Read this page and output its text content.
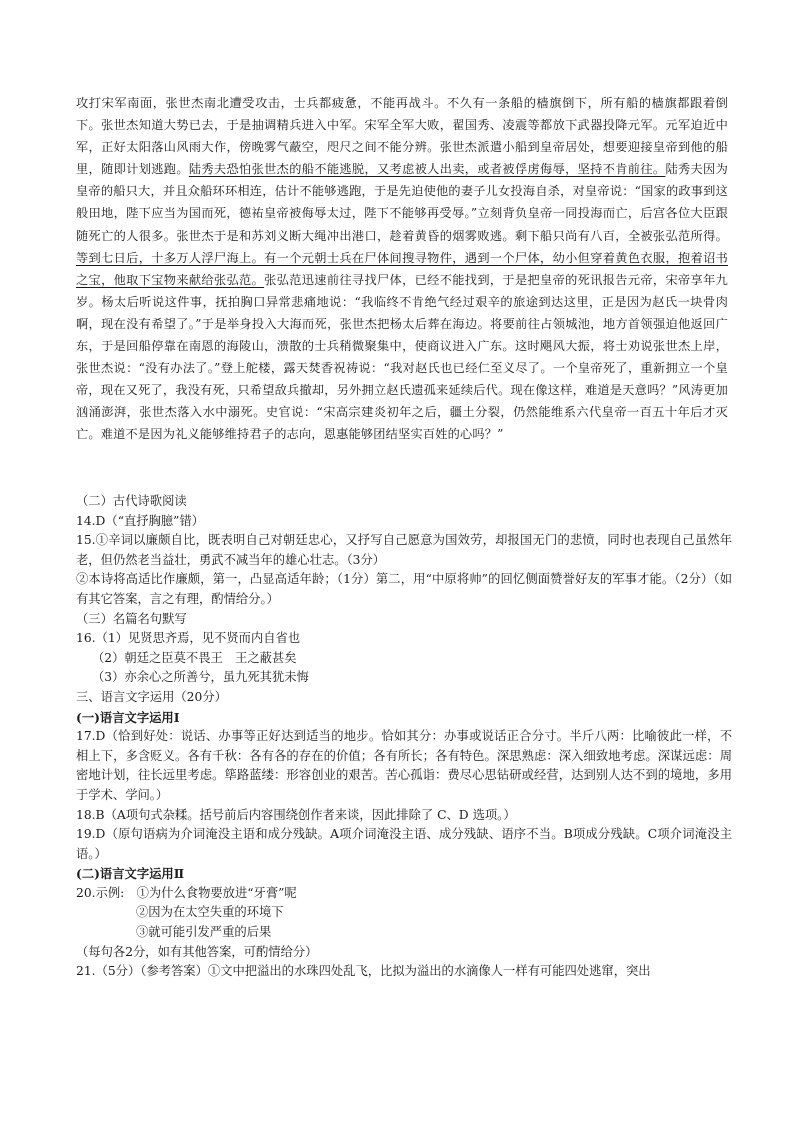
攻打宋军南面，张世杰南北遭受攻击，士兵都疲惫，不能再战斗。不久有一条船的樯旗倒下，所有船的樯旗都跟着倒下。张世杰知道大势已去，于是抽调精兵进入中军。宋军全军大败，翟国秀、凌震等都放下武器投降元军。元军迫近中军，正好太阳落山风雨大作，傍晚雾气蔽空，咫尺之间不能分辨。张世杰派遣小船到皇帝居处，想要迎接皇帝到他的船里，随即计划逃跑。陆秀夫恐怕张世杰的船不能逃脱，又考虑被人出卖，或者被俘虏侮辱，坚持不肯前往。陆秀夫因为皇帝的船只大，并且众船环环相连，估计不能够逃跑，于是先迫使他的妻子儿女投海自杀，对皇帝说：“国家的政事到这般田地，陛下应当为国而死，德祐皇帝被侮辱太过，陛下不能够再受辱。”立刻背负皇帝一同投海而亡，后宫各位大臣跟随死亡的人很多。张世杰于是和苏刘义断大绳冲出港口，趁着黄昏的烟雾败逃。剩下船只尚有八百，全被张弘范所得。等到七日后，十多万人浮尸海上。有一个元朝士兵在尸体间搜寻物件，遇到一个尸体，幼小但穿着黄色衣服，抱着诏书之宝，他取下宝物来献给张弘范。张弘范迅速前往寻找尸体，已经不能找到，于是把皇帝的死讯报告元帝，宋帝享年九岁。杨太后听说这件事，抚拍胸口异常悲痛地说：“我临终不肯绝气经过艰辛的旅途到达这里，正是因为赵氏一块骨肉啊，现在没有希望了。”于是举身投入大海而死，张世杰把杨太后葬在海边。将要前往占领城池，地方首领强迫他返回广东，于是回船停靠在南恩的海陵山，溃散的士兵稍微聚集中，使商议进入广东。这时飓风大振，将士劝说张世杰上岸，张世杰说：“没有办法了。”登上舵楼，露天焚香祝祷说：“我对赵氏也已经仁至义尽了。一个皇帝死了，重新拥立一个皇帝，现在又死了，我没有死，只希望敌兵撤却，另外拥立赵氏遗孤来延续后代。现在像这样，难道是天意吗？”风涛更加汹涌澎湃，张世杰落入水中溺死。史官说：“宋高宗建炎初年之后，疆土分裂，仍然能维系六代皇帝一百五十年后才灭亡。难道不是因为礼义能够维持君子的志向，恩惠能够团结坚实百姓的心吗？”
（二）古代诗歌阅读
14.D（“直抒胸臆”错）
15.①辛词以廉颇自比，既表明自己对朝廷忠心，又抒写自己愿意为国效劳，却报国无门的悲愤，同时也表现自己虽然年老，但仍然老当益壮，勇武不减当年的雄心壮志。（3分）
②本诗将高适比作廉颇，第一，凸显高适年龄；（1分）第二，用“中原将帅”的回忆侧面赞誉好友的军事才能。（2分）（如有其它答案，言之有理，酌情给分。）
（三）名篇名句默写
16.（1）见贤思齐焉，见不贤而内自省也
（2）朝廷之臣莫不畏王　王之蔽甚矣
（3）亦余心之所善兮，虽九死其犹未悔
三、语言文字运用（20分）
(一)语言文字运用Ⅰ
17.D（恰到好处：说话、办事等正好达到适当的地步。恰如其分：办事或说话正合分寸。半斤八两：比喻彼此一样，不相上下，多含贬义。各有千秋：各有各的存在的价值；各有所长；各有特色。深思熟虑：深入细致地考虑。深谋远虑：周密地计划，往长远里考虑。筚路蓝缕：形容创业的艰苦。苦心孤诣：费尽心思钻研或经营，达到别人达不到的境地，多用于学术、学问。）
18.B（A项句式杂糅。括号前后内容围绕创作者来谈，因此排除了 C、D 选项。）
19.D（原句语病为介词淹没主语和成分残缺。A项介词淹没主语、成分残缺、语序不当。B项成分残缺。C项介词淹没主语。）
(二)语言文字运用Ⅱ
20.示例:　①为什么食物要放进“牙膏”呢
②因为在太空失重的环境下
③就可能引发严重的后果
（每句各2分，如有其他答案，可酌情给分）
21.（5分）（参考答案）①文中把溢出的水珠四处乱飞，比拟为溢出的水滴像人一样有可能四处逃窜，突出
